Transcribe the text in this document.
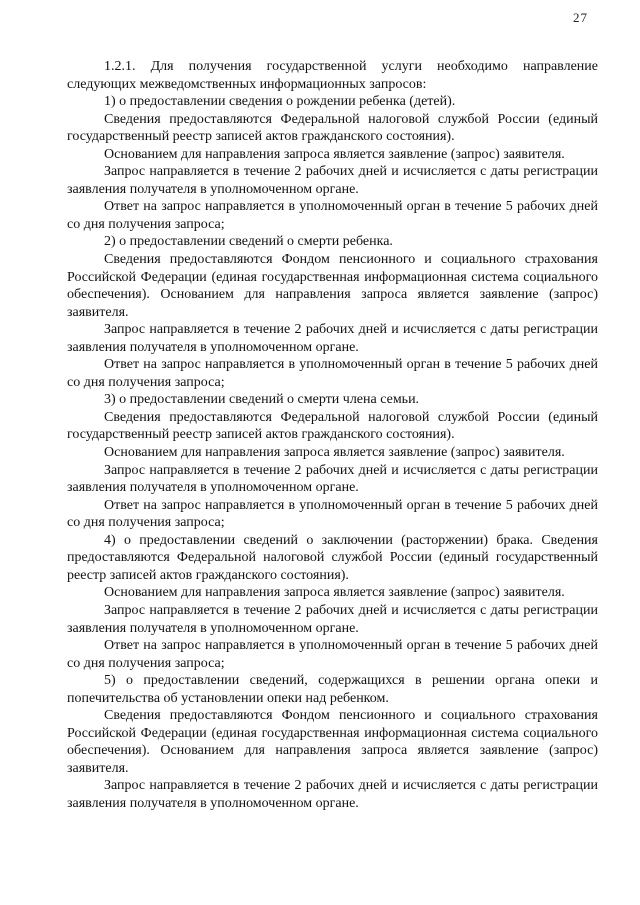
27

1.2.1. Для получения государственной услуги необходимо направление следующих межведомственных информационных запросов:

1) о предоставлении сведения о рождении ребенка (детей).

Сведения предоставляются Федеральной налоговой службой России (единый государственный реестр записей актов гражданского состояния).

Основанием для направления запроса является заявление (запрос) заявителя.

Запрос направляется в течение 2 рабочих дней и исчисляется с даты регистрации заявления получателя в уполномоченном органе.

Ответ на запрос направляется в уполномоченный орган в течение 5 рабочих дней со дня получения запроса;

2) о предоставлении сведений о смерти ребенка.

Сведения предоставляются Фондом пенсионного и социального страхования Российской Федерации (единая государственная информационная система социального обеспечения). Основанием для направления запроса является заявление (запрос) заявителя.

Запрос направляется в течение 2 рабочих дней и исчисляется с даты регистрации заявления получателя в уполномоченном органе.

Ответ на запрос направляется в уполномоченный орган в течение 5 рабочих дней со дня получения запроса;

3) о предоставлении сведений о смерти члена семьи.

Сведения предоставляются Федеральной налоговой службой России (единый государственный реестр записей актов гражданского состояния).

Основанием для направления запроса является заявление (запрос) заявителя.

Запрос направляется в течение 2 рабочих дней и исчисляется с даты регистрации заявления получателя в уполномоченном органе.

Ответ на запрос направляется в уполномоченный орган в течение 5 рабочих дней со дня получения запроса;

4) о предоставлении сведений о заключении (расторжении) брака. Сведения предоставляются Федеральной налоговой службой России (единый государственный реестр записей актов гражданского состояния).

Основанием для направления запроса является заявление (запрос) заявителя.

Запрос направляется в течение 2 рабочих дней и исчисляется с даты регистрации заявления получателя в уполномоченном органе.

Ответ на запрос направляется в уполномоченный орган в течение 5 рабочих дней со дня получения запроса;

5) о предоставлении сведений, содержащихся в решении органа опеки и попечительства об установлении опеки над ребенком.

Сведения предоставляются Фондом пенсионного и социального страхования Российской Федерации (единая государственная информационная система социального обеспечения). Основанием для направления запроса является заявление (запрос) заявителя.

Запрос направляется в течение 2 рабочих дней и исчисляется с даты регистрации заявления получателя в уполномоченном органе.
